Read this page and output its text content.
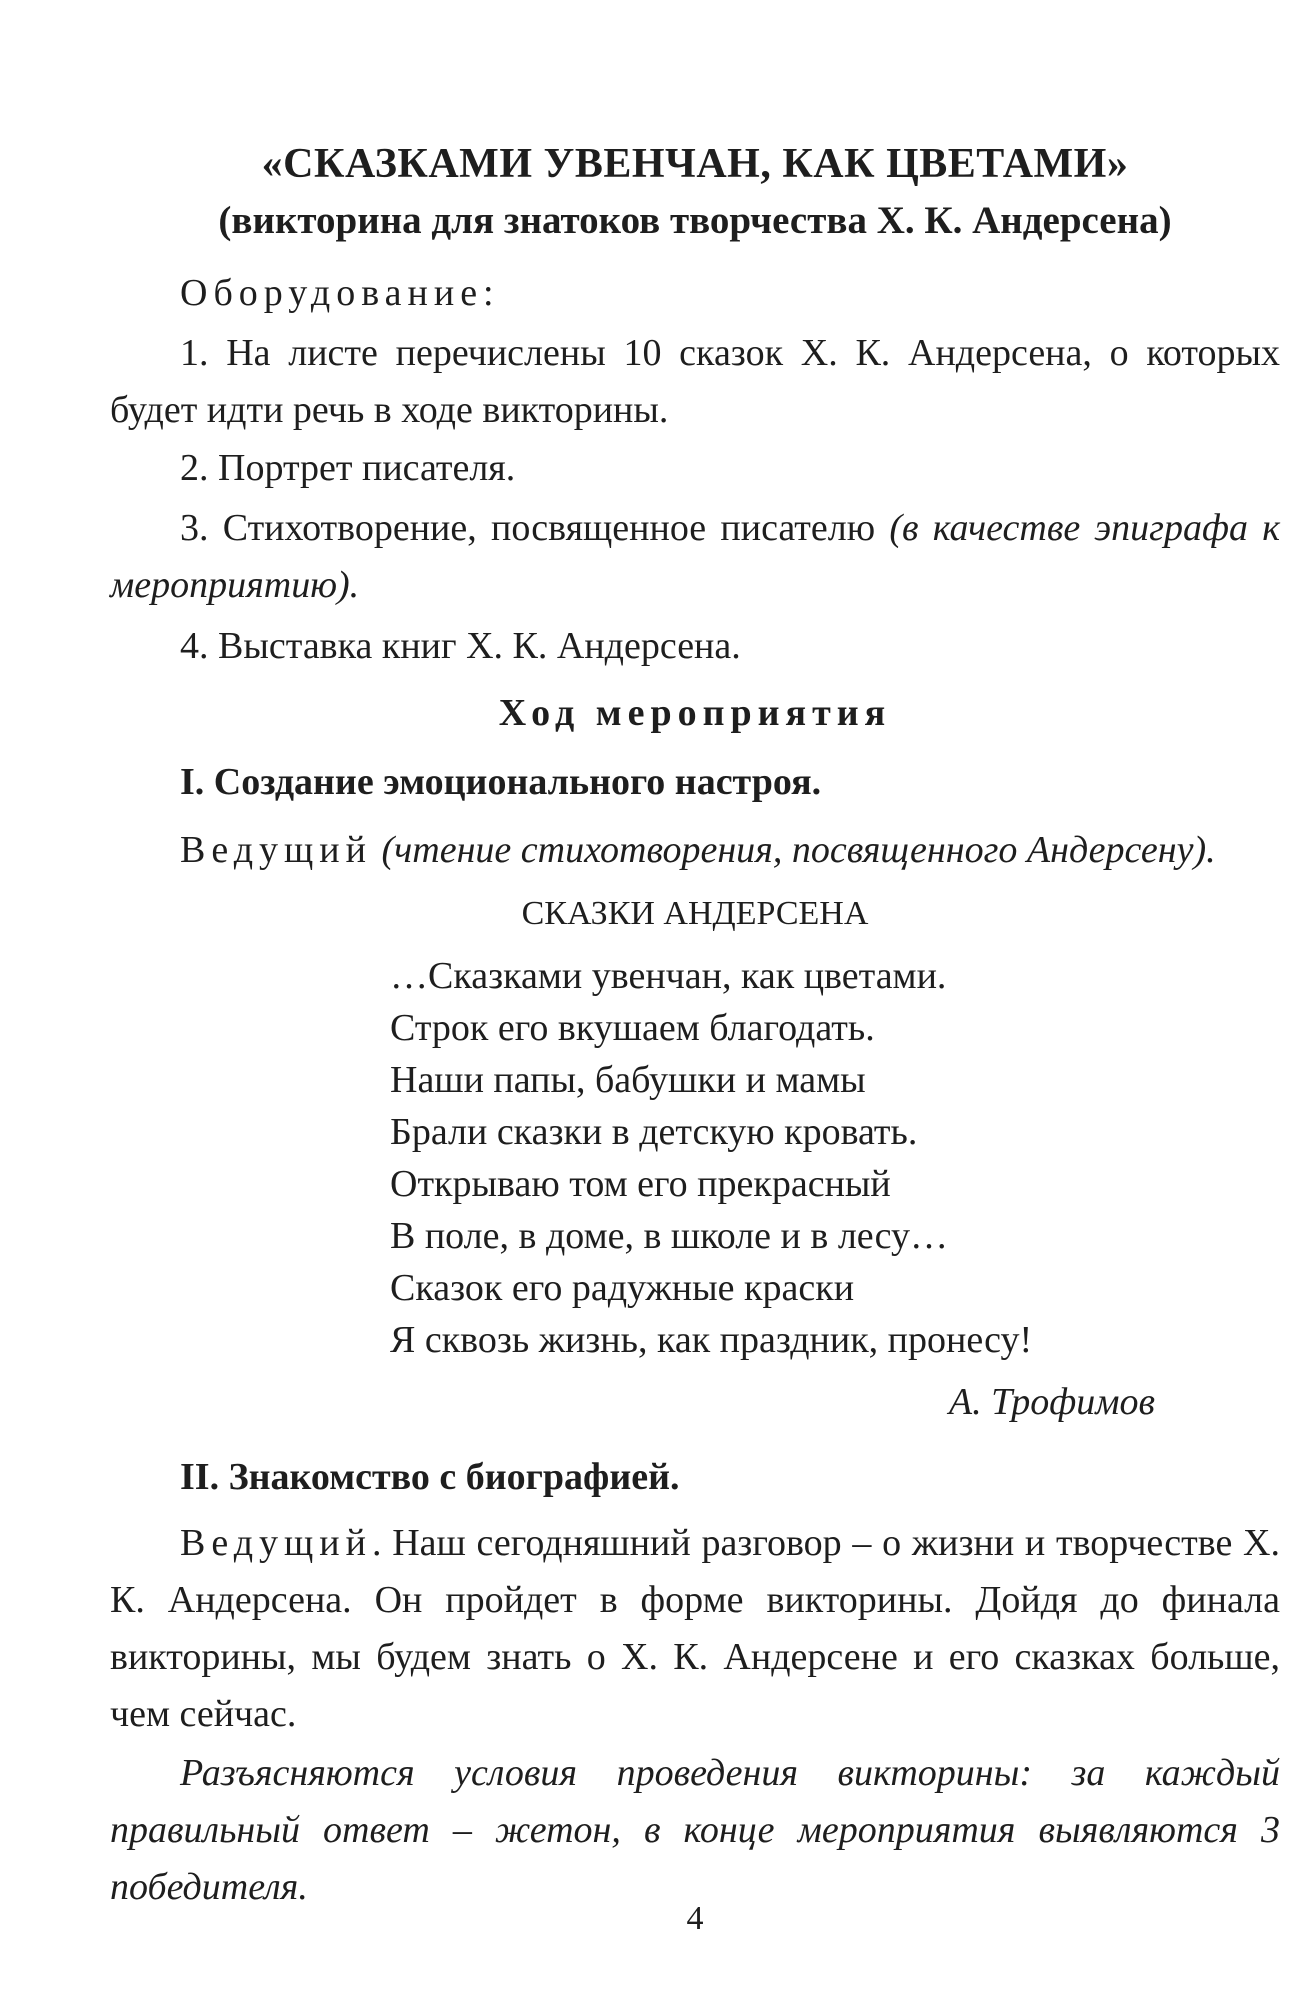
«СКАЗКАМИ УВЕНЧАН, КАК ЦВЕТАМИ»
(викторина для знатоков творчества Х. К. Андерсена)
Оборудование:
1. На листе перечислены 10 сказок Х. К. Андерсена, о которых будет идти речь в ходе викторины.
2. Портрет писателя.
3. Стихотворение, посвященное писателю (в качестве эпиграфа к мероприятию).
4. Выставка книг Х. К. Андерсена.
Ход мероприятия
I. Создание эмоционального настроя.
Ведущий (чтение стихотворения, посвященного Андерсену).
СКАЗКИ АНДЕРСЕНА
…Сказками увенчан, как цветами.
Строк его вкушаем благодать.
Наши папы, бабушки и мамы
Брали сказки в детскую кровать.
Открываю том его прекрасный
В поле, в доме, в школе и в лесу…
Сказок его радужные краски
Я сквозь жизнь, как праздник, пронесу!
А. Трофимов
II. Знакомство с биографией.
Ведущий. Наш сегодняшний разговор – о жизни и творчестве Х. К. Андерсена. Он пройдет в форме викторины. Дойдя до финала викторины, мы будем знать о Х. К. Андерсене и его сказках больше, чем сейчас.
Разъясняются условия проведения викторины: за каждый правильный ответ – жетон, в конце мероприятия выявляются 3 победителя.
4
